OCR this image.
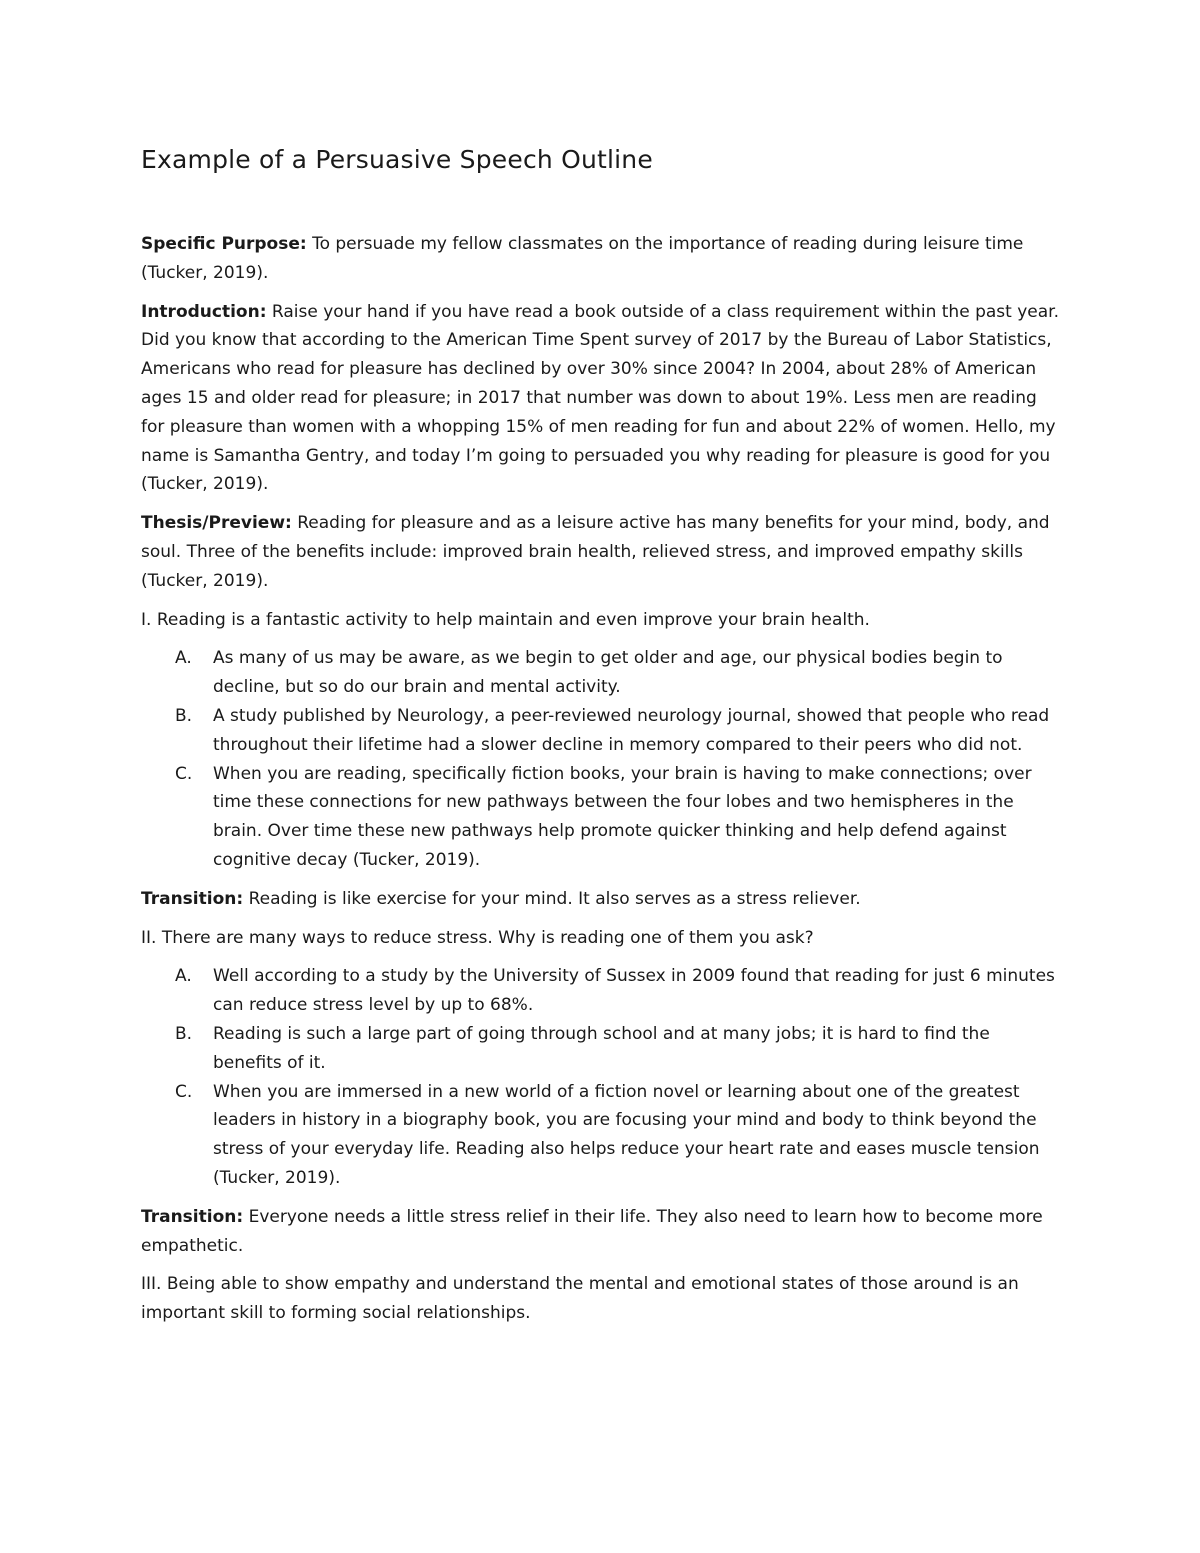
Example of a Persuasive Speech Outline

Specific Purpose: To persuade my fellow classmates on the importance of reading during leisure time (Tucker, 2019).

Introduction: Raise your hand if you have read a book outside of a class requirement within the past year. Did you know that according to the American Time Spent survey of 2017 by the Bureau of Labor Statistics, Americans who read for pleasure has declined by over 30% since 2004? In 2004, about 28% of American ages 15 and older read for pleasure; in 2017 that number was down to about 19%. Less men are reading for pleasure than women with a whopping 15% of men reading for fun and about 22% of women. Hello, my name is Samantha Gentry, and today I’m going to persuaded you why reading for pleasure is good for you (Tucker, 2019).

Thesis/Preview: Reading for pleasure and as a leisure active has many benefits for your mind, body, and soul. Three of the benefits include: improved brain health, relieved stress, and improved empathy skills (Tucker, 2019).

I. Reading is a fantastic activity to help maintain and even improve your brain health.

A. As many of us may be aware, as we begin to get older and age, our physical bodies begin to decline, but so do our brain and mental activity.
B. A study published by Neurology, a peer-reviewed neurology journal, showed that people who read throughout their lifetime had a slower decline in memory compared to their peers who did not.
C. When you are reading, specifically fiction books, your brain is having to make connections; over time these connections for new pathways between the four lobes and two hemispheres in the brain. Over time these new pathways help promote quicker thinking and help defend against cognitive decay (Tucker, 2019).

Transition: Reading is like exercise for your mind. It also serves as a stress reliever.

II. There are many ways to reduce stress. Why is reading one of them you ask?

A. Well according to a study by the University of Sussex in 2009 found that reading for just 6 minutes can reduce stress level by up to 68%.
B. Reading is such a large part of going through school and at many jobs; it is hard to find the benefits of it.
C. When you are immersed in a new world of a fiction novel or learning about one of the greatest leaders in history in a biography book, you are focusing your mind and body to think beyond the stress of your everyday life. Reading also helps reduce your heart rate and eases muscle tension (Tucker, 2019).

Transition: Everyone needs a little stress relief in their life. They also need to learn how to become more empathetic.

III. Being able to show empathy and understand the mental and emotional states of those around is an important skill to forming social relationships.
